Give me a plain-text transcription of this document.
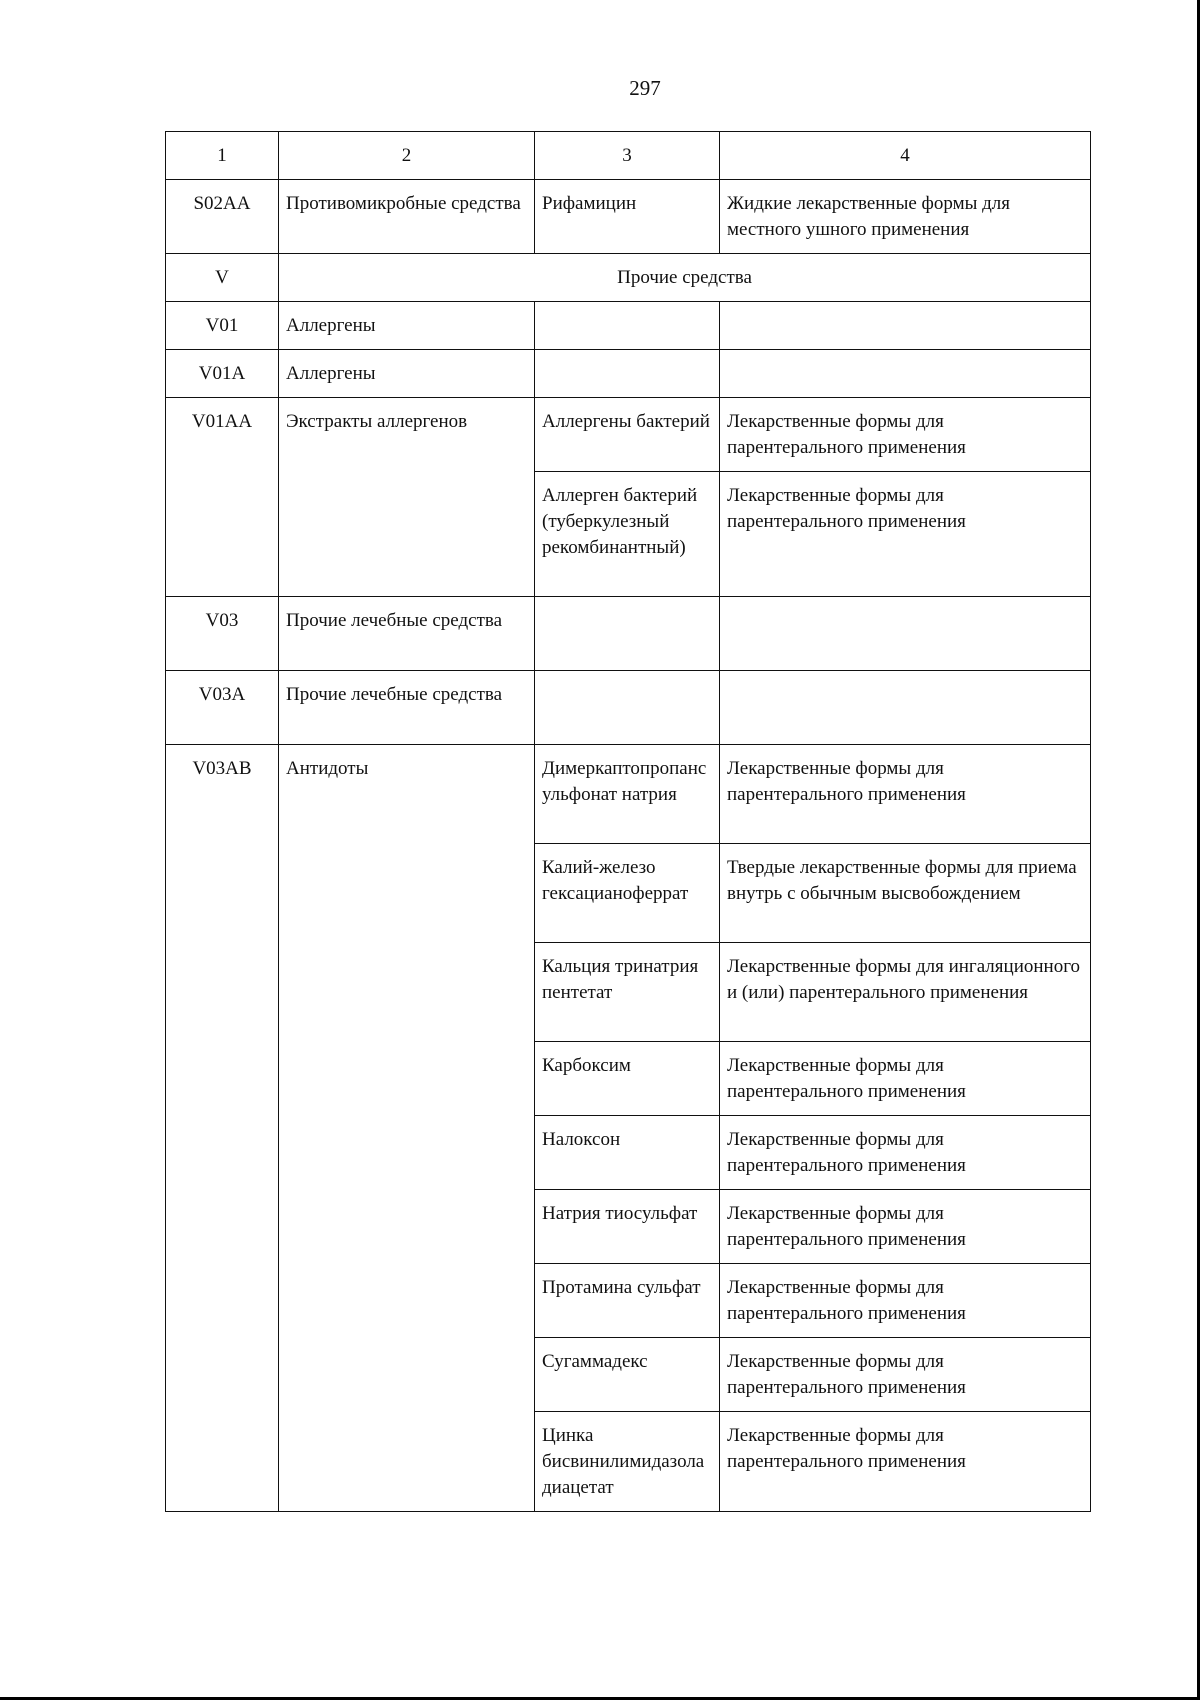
297
1	2	3	4
S02AA	Противомикробные средства	Рифамицин	Жидкие лекарственные формы для местного ушного применения
V	Прочие средства		
V01	Аллергены		
V01A	Аллергены		
V01AA	Экстракты аллергенов	Аллергены бактерий	Лекарственные формы для парентерального применения
		Аллерген бактерий (туберкулезный рекомбинантный)	Лекарственные формы для парентерального применения
V03	Прочие лечебные средства		
V03A	Прочие лечебные средства		
V03AB	Антидоты	Димеркаптопропансульфонат натрия	Лекарственные формы для парентерального применения
		Калий-железо гексацианоферрат	Твердые лекарственные формы для приема внутрь с обычным высвобождением
		Кальция тринатрия пентетат	Лекарственные формы для ингаляционного и (или) парентерального применения
		Карбоксим	Лекарственные формы для парентерального применения
		Налоксон	Лекарственные формы для парентерального применения
		Натрия тиосульфат	Лекарственные формы для парентерального применения
		Протамина сульфат	Лекарственные формы для парентерального применения
		Сугаммадекс	Лекарственные формы для парентерального применения
		Цинка бисвинилимидазола диацетат	Лекарственные формы для парентерального применения
